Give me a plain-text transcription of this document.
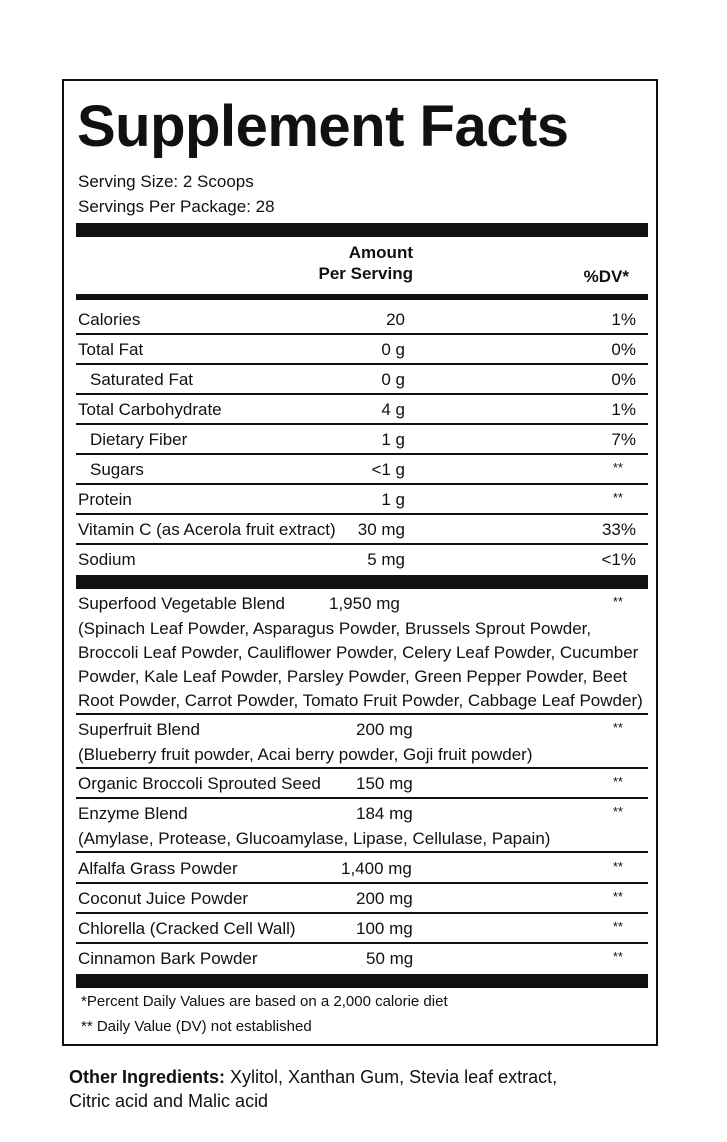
Supplement Facts
Serving Size: 2 Scoops
Servings Per Package: 28
Amount
Per Serving	%DV*
Calories	20	1%
Total Fat	0 g	0%
Saturated Fat	0 g	0%
Total Carbohydrate	4 g	1%
Dietary Fiber	1 g	7%
Sugars	<1 g	**
Protein	1 g	**
Vitamin C (as Acerola fruit extract) 30 mg	33%
Sodium	5 mg	<1%
Superfood Vegetable Blend	1,950 mg	**
(Spinach Leaf Powder, Asparagus Powder, Brussels Sprout Powder,
Broccoli Leaf Powder, Cauliflower Powder, Celery Leaf Powder, Cucumber
Powder, Kale Leaf Powder, Parsley Powder, Green Pepper Powder, Beet
Root Powder, Carrot Powder, Tomato Fruit Powder, Cabbage Leaf Powder)
Superfruit Blend	200 mg	**
(Blueberry fruit powder, Acai berry powder, Goji fruit powder)
Organic Broccoli Sprouted Seed 150 mg	**
Enzyme Blend	184 mg	**
(Amylase, Protease, Glucoamylase, Lipase, Cellulase, Papain)
Alfalfa Grass Powder	1,400 mg	**
Coconut Juice Powder	200 mg	**
Chlorella (Cracked Cell Wall)	100 mg	**
Cinnamon Bark Powder	50 mg	**
*Percent Daily Values are based on a 2,000 calorie diet
** Daily Value (DV) not established
Other Ingredients: Xylitol, Xanthan Gum, Stevia leaf extract,
Citric acid and Malic acid
